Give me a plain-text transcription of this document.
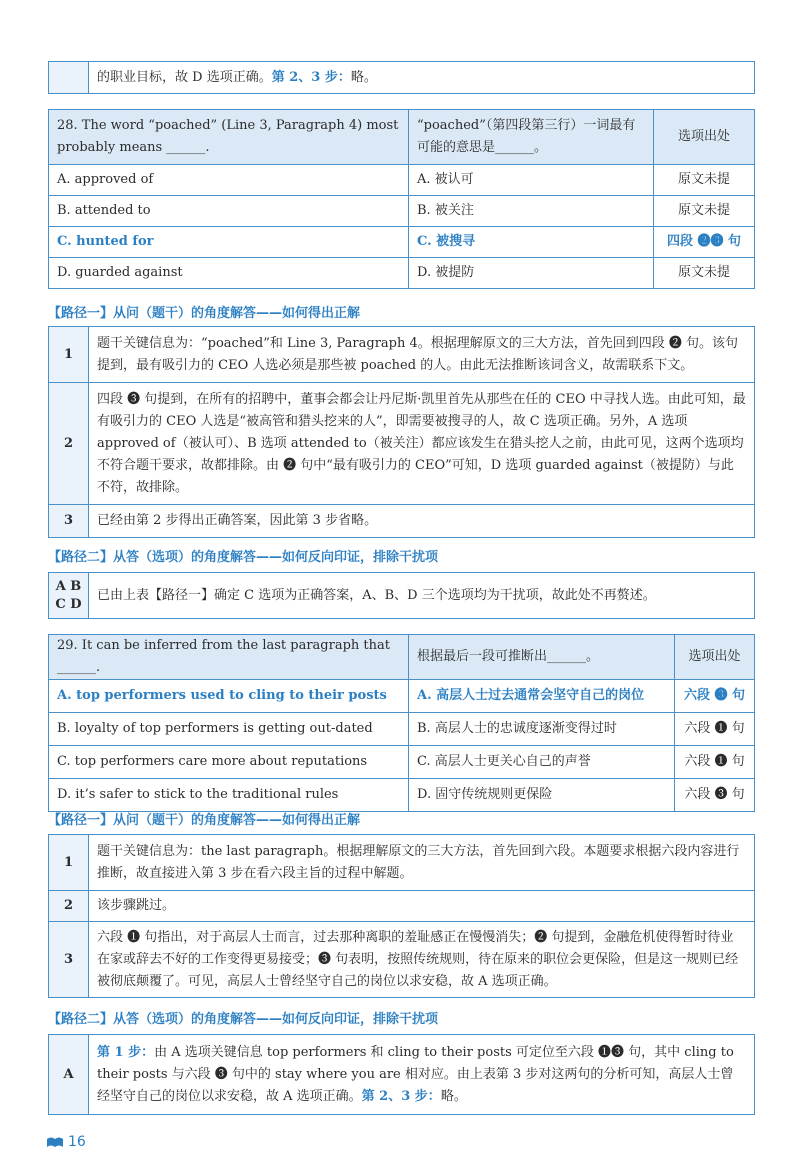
	的职业目标，故 D 选项正确。第 2、3 步：略。
28. The word “poached” (Line 3, Paragraph 4) most probably means ______.	“poached”（第四段第三行）一词最有可能的意思是______。	选项出处
A. approved of	A. 被认可	原文未提
B. attended to	B. 被关注	原文未提
C. hunted for	C. 被搜寻	四段 ❷❸ 句
D. guarded against	D. 被提防	原文未提
【路径一】从问（题干）的角度解答——如何得出正解
1	题干关键信息为：“poached”和 Line 3, Paragraph 4。根据理解原文的三大方法，首先回到四段 ❷ 句。该句提到，最有吸引力的 CEO 人选必须是那些被 poached 的人。由此无法推断该词含义，故需联系下文。
2	四段 ❸ 句提到，在所有的招聘中，董事会都会让丹尼斯·凯里首先从那些在任的 CEO 中寻找人选。由此可知，最有吸引力的 CEO 人选是“被高管和猎头挖来的人”，即需要被搜寻的人，故 C 选项正确。另外，A 选项 approved of（被认可）、B 选项 attended to（被关注）都应该发生在猎头挖人之前，由此可见，这两个选项均不符合题干要求，故都排除。由 ❷ 句中“最有吸引力的 CEO”可知，D 选项 guarded against（被提防）与此不符，故排除。
3	已经由第 2 步得出正确答案，因此第 3 步省略。
【路径二】从答（选项）的角度解答——如何反向印证，排除干扰项
A B
C D	已由上表【路径一】确定 C 选项为正确答案，A、B、D 三个选项均为干扰项，故此处不再赘述。
29. It can be inferred from the last paragraph that ______.	根据最后一段可推断出______。	选项出处
A. top performers used to cling to their posts	A. 高层人士过去通常会坚守自己的岗位	六段 ❸ 句
B. loyalty of top performers is getting out-dated	B. 高层人士的忠诚度逐渐变得过时	六段 ❶ 句
C. top performers care more about reputations	C. 高层人士更关心自己的声誉	六段 ❶ 句
D. it’s safer to stick to the traditional rules	D. 固守传统规则更保险	六段 ❸ 句
【路径一】从问（题干）的角度解答——如何得出正解
1	题干关键信息为：the last paragraph。根据理解原文的三大方法，首先回到六段。本题要求根据六段内容进行推断，故直接进入第 3 步在看六段主旨的过程中解题。
2	该步骤跳过。
3	六段 ❶ 句指出，对于高层人士而言，过去那种离职的羞耻感正在慢慢消失；❷ 句提到，金融危机使得暂时待业在家或辞去不好的工作变得更易接受；❸ 句表明，按照传统规则，待在原来的职位会更保险，但是这一规则已经被彻底颠覆了。可见，高层人士曾经坚守自己的岗位以求安稳，故 A 选项正确。
【路径二】从答（选项）的角度解答——如何反向印证，排除干扰项
A	第 1 步：由 A 选项关键信息 top performers 和 cling to their posts 可定位至六段 ❶❸ 句，其中 cling to their posts 与六段 ❸ 句中的 stay where you are 相对应。由上表第 3 步对这两句的分析可知，高层人士曾经坚守自己的岗位以求安稳，故 A 选项正确。第 2、3 步：略。
16
